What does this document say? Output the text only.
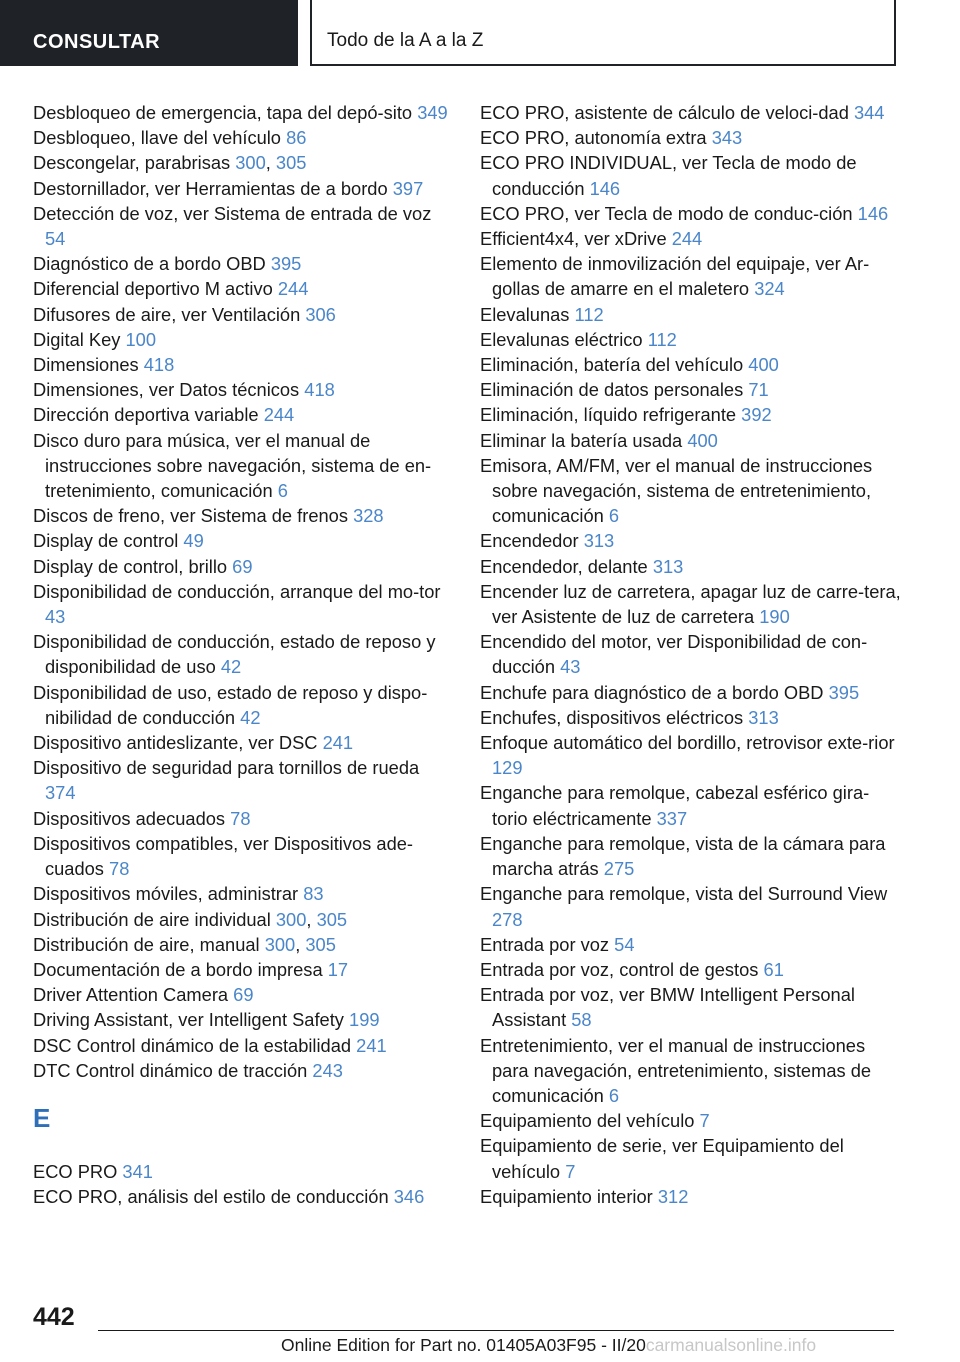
CONSULTAR	Todo de la A a la Z
Desbloqueo de emergencia, tapa del depó-sito 349
Desbloqueo, llave del vehículo 86
Descongelar, parabrisas 300, 305
Destornillador, ver Herramientas de a bordo 397
Detección de voz, ver Sistema de entrada de voz 54
Diagnóstico de a bordo OBD 395
Diferencial deportivo M activo 244
Difusores de aire, ver Ventilación 306
Digital Key 100
Dimensiones 418
Dimensiones, ver Datos técnicos 418
Dirección deportiva variable 244
Disco duro para música, ver el manual de instrucciones sobre navegación, sistema de en-tretenimiento, comunicación 6
Discos de freno, ver Sistema de frenos 328
Display de control 49
Display de control, brillo 69
Disponibilidad de conducción, arranque del mo-tor 43
Disponibilidad de conducción, estado de reposo y disponibilidad de uso 42
Disponibilidad de uso, estado de reposo y dispo-nibilidad de conducción 42
Dispositivo antideslizante, ver DSC 241
Dispositivo de seguridad para tornillos de rueda 374
Dispositivos adecuados 78
Dispositivos compatibles, ver Dispositivos ade-cuados 78
Dispositivos móviles, administrar 83
Distribución de aire individual 300, 305
Distribución de aire, manual 300, 305
Documentación de a bordo impresa 17
Driver Attention Camera 69
Driving Assistant, ver Intelligent Safety 199
DSC Control dinámico de la estabilidad 241
DTC Control dinámico de tracción 243
E
ECO PRO 341
ECO PRO, análisis del estilo de conducción 346
ECO PRO, asistente de cálculo de veloci-dad 344
ECO PRO, autonomía extra 343
ECO PRO INDIVIDUAL, ver Tecla de modo de conducción 146
ECO PRO, ver Tecla de modo de conduc-ción 146
Efficient4x4, ver xDrive 244
Elemento de inmovilización del equipaje, ver Ar-gollas de amarre en el maletero 324
Elevalunas 112
Elevalunas eléctrico 112
Eliminación, batería del vehículo 400
Eliminación de datos personales 71
Eliminación, líquido refrigerante 392
Eliminar la batería usada 400
Emisora, AM/FM, ver el manual de instrucciones sobre navegación, sistema de entretenimiento, comunicación 6
Encendedor 313
Encendedor, delante 313
Encender luz de carretera, apagar luz de carre-tera, ver Asistente de luz de carretera 190
Encendido del motor, ver Disponibilidad de con-ducción 43
Enchufe para diagnóstico de a bordo OBD 395
Enchufes, dispositivos eléctricos 313
Enfoque automático del bordillo, retrovisor exte-rior 129
Enganche para remolque, cabezal esférico gira-torio eléctricamente 337
Enganche para remolque, vista de la cámara para marcha atrás 275
Enganche para remolque, vista del Surround View 278
Entrada por voz 54
Entrada por voz, control de gestos 61
Entrada por voz, ver BMW Intelligent Personal Assistant 58
Entretenimiento, ver el manual de instrucciones para navegación, entretenimiento, sistemas de comunicación 6
Equipamiento del vehículo 7
Equipamiento de serie, ver Equipamiento del vehículo 7
Equipamiento interior 312
442
Online Edition for Part no. 01405A03F95 - II/20carmanualsonline.info
